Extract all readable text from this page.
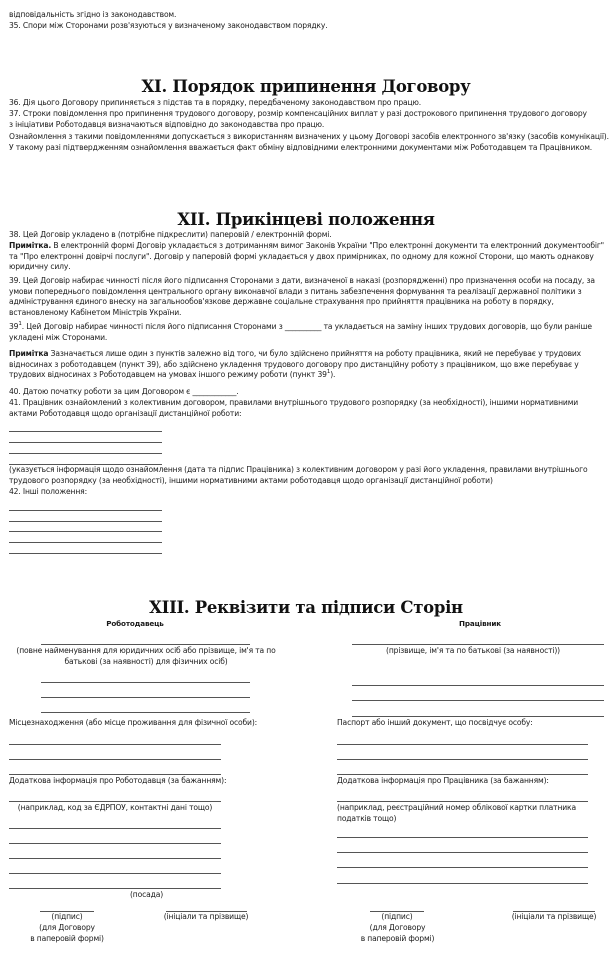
відповідальність згідно із законодавством.
35. Спори між Сторонами розв'язуються у визначеному законодавством порядку.
XI. Порядок припинення Договору
36. Дія цього Договору припиняється з підстав та в порядку, передбаченому законодавством про працю.
37. Строки повідомлення про припинення трудового договору, розмір компенсаційних виплат у разі дострокового припинення трудового договору з ініціативи Роботодавця визначаються відповідно до законодавства про працю.
Ознайомлення з такими повідомленнями допускається з використанням визначених у цьому Договорі засобів електронного зв'язку (засобів комунікації). У такому разі підтвердженням ознайомлення вважається факт обміну відповідними електронними документами між Роботодавцем та Працівником.
XII. Прикінцеві положення
38. Цей Договір укладено в (потрібне підкреслити) паперовій / електронній формі.
Примітка. В електронній формі Договір укладається з дотриманням вимог Законів України "Про електронні документи та електронний документообіг" та "Про електронні довірчі послуги". Договір у паперовій формі укладається у двох примірниках, по одному для кожної Сторони, що мають однакову юридичну силу.
39. Цей Договір набирає чинності після його підписання Сторонами з дати, визначеної в наказі (розпорядженні) про призначення особи на посаду, за умови попереднього повідомлення центрального органу виконавчої влади з питань забезпечення формування та реалізації державної політики з адміністрування єдиного внеску на загальнообов'язкове державне соціальне страхування про прийняття працівника на роботу в порядку, встановленому Кабінетом Міністрів України.
$39^1$. Цей Договір набирає чинності після його підписання Сторонами з __________ та укладається на заміну інших трудових договорів, що були раніше укладені між Сторонами.
Примітка Зазначається лише один з пунктів залежно від того, чи було здійснено прийняття на роботу працівника, який не перебуває у трудових відносинах з роботодавцем (пункт 39), або здійснено укладення трудового договору про дистанційну роботу з працівником, що вже перебуває у трудових відносинах з Роботодавцем на умовах іншого режиму роботи (пункт $39^1$).
40. Датою початку роботи за цим Договором є ____________.
41. Працівник ознайомлений з колективним договором, правилами внутрішнього трудового розпорядку (за необхідності), іншими нормативними актами Роботодавця щодо організації дистанційної роботи:
(указується інформація щодо ознайомлення (дата та підпис Працівника) з колективним договором у разі його укладення, правилами внутрішнього трудового розпорядку (за необхідності), іншими нормативними актами роботодавця щодо організації дистанційної роботи)
42. Інші положення:
XIII. Реквізити та підписи Сторін
Роботодавець
(повне найменування для юридичних осіб або прізвище, ім'я та по батькові (за наявності) для фізичних осіб)
Місцезнаходження (або місце проживання для фізичної особи):
Додаткова інформація про Роботодавця (за бажанням):
(наприклад, код за ЄДРПОУ, контактні дані тощо)
(посада)
(підпис)
(для Договору
в паперовій формі)
(ініціали та прізвище)
Працівник
(прізвище, ім'я та по батькові (за наявності))
Паспорт або інший документ, що посвідчує особу:
Додаткова інформація про Працівника (за бажанням):
(наприклад, реєстраційний номер облікової картки платника податків тощо)
(підпис)
(для Договору
в паперовій формі)
(ініціали та прізвище)
